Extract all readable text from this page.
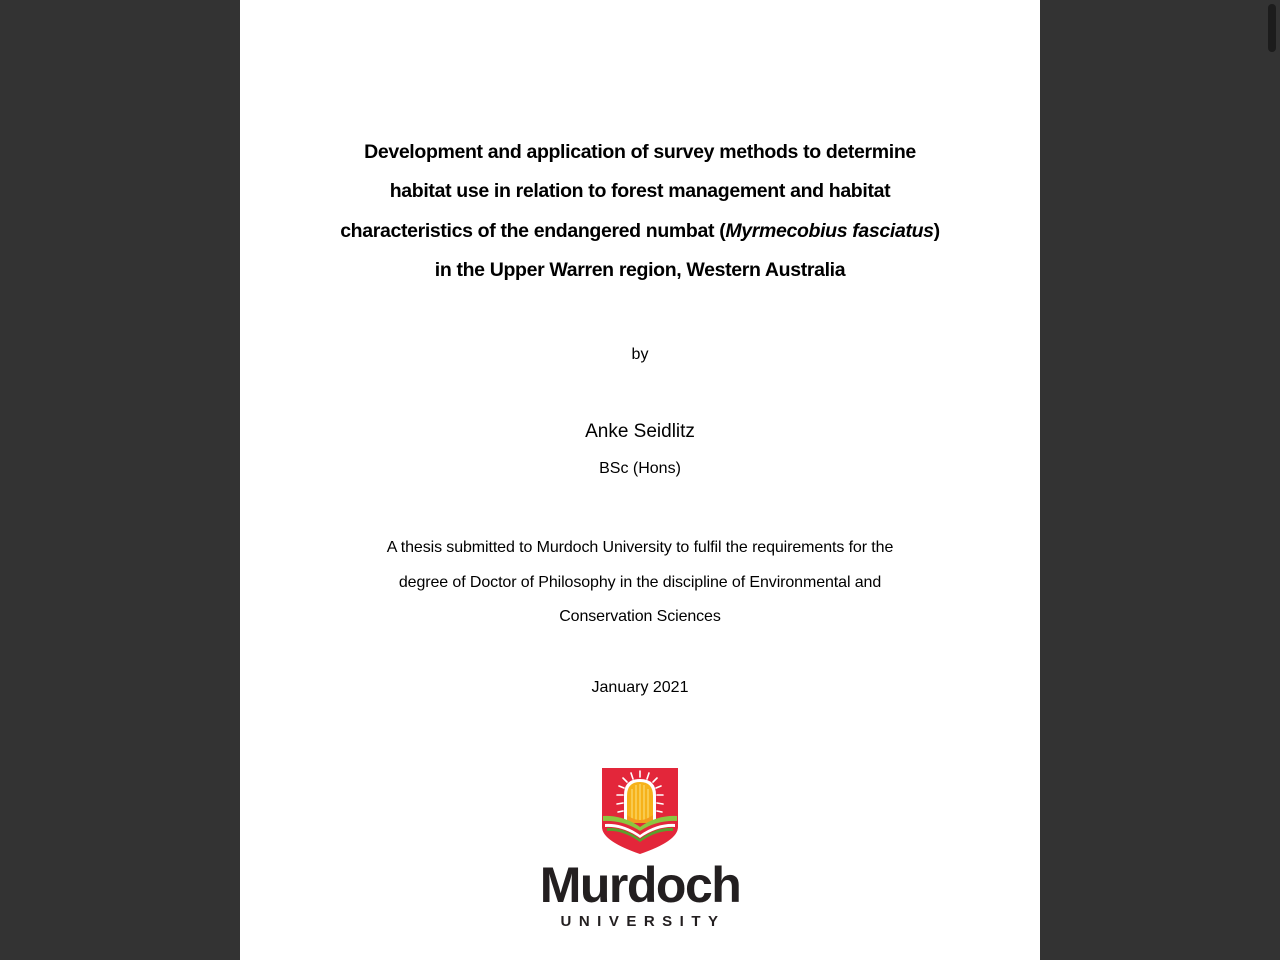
Development and application of survey methods to determine
habitat use in relation to forest management and habitat
characteristics of the endangered numbat (Myrmecobius fasciatus)
in the Upper Warren region, Western Australia
by
Anke Seidlitz
BSc (Hons)
A thesis submitted to Murdoch University to fulfil the requirements for the
degree of Doctor of Philosophy in the discipline of Environmental and
Conservation Sciences
January 2021
Murdoch
UNIVERSITY
